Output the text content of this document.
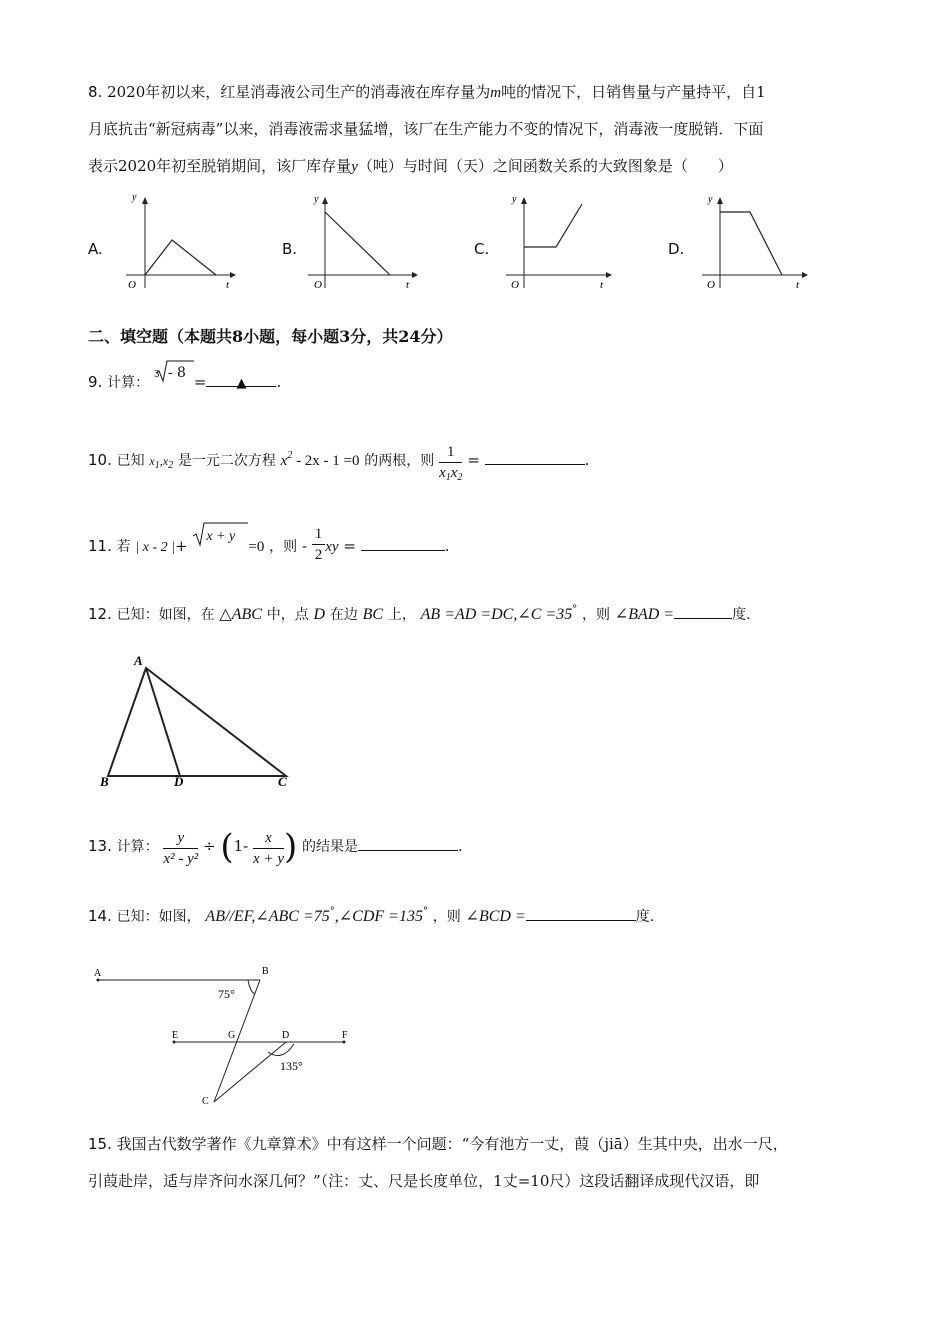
8. 2020年初以来，红星消毒液公司生产的消毒液在库存量为m吨的情况下，日销售量与产量持平，自1
月底抗击“新冠病毒”以来，消毒液需求量猛增，该厂在生产能力不变的情况下，消毒液一度脱销．下面
表示2020年初至脱销期间，该厂库存量y（吨）与时间（天）之间函数关系的大致图象是（　　）
A.
y
O	t
B.
y
O	t
C.
y
O	t
D.
y
O	t
二、填空题（本题共8小题，每小题3分，共24分）
9. 计算： 3 - 8 = ▲ .
10. 已知 $x_1,x_2$ 是一元二次方程 $x^2 - 2x - 1 =0$ 的两根，则 $\frac{1}{x_1x_2}$ =	.
11. 若 | x - 2 |+
x + y
=0 ，则 - $\frac{1}{2}$ xy =	.
12. 已知：如图，在 △ABC 中，点 D 在边 BC 上， AB =AD =DC,∠C =35° ，则 ∠BAD =	度.
A
B	D	C
13. 计算： $\frac{y}{\text{x² - y²}} \div (1- \frac{x}{x + y}$ ) 的结果是	.
14. 已知：如图， AB//EF,∠ABC =75°,∠CDF =135° ，则 ∠BCD =	度.
A	B
E	G	D	F
C
75°
135°
15. 我国古代数学著作《九章算术》中有这样一个问题：“今有池方一丈，葭（jiā）生其中央，出水一尺，
引葭赴岸，适与岸齐问水深几何？”（注：丈、尺是长度单位，1丈=10尺）这段话翻译成现代汉语，即
